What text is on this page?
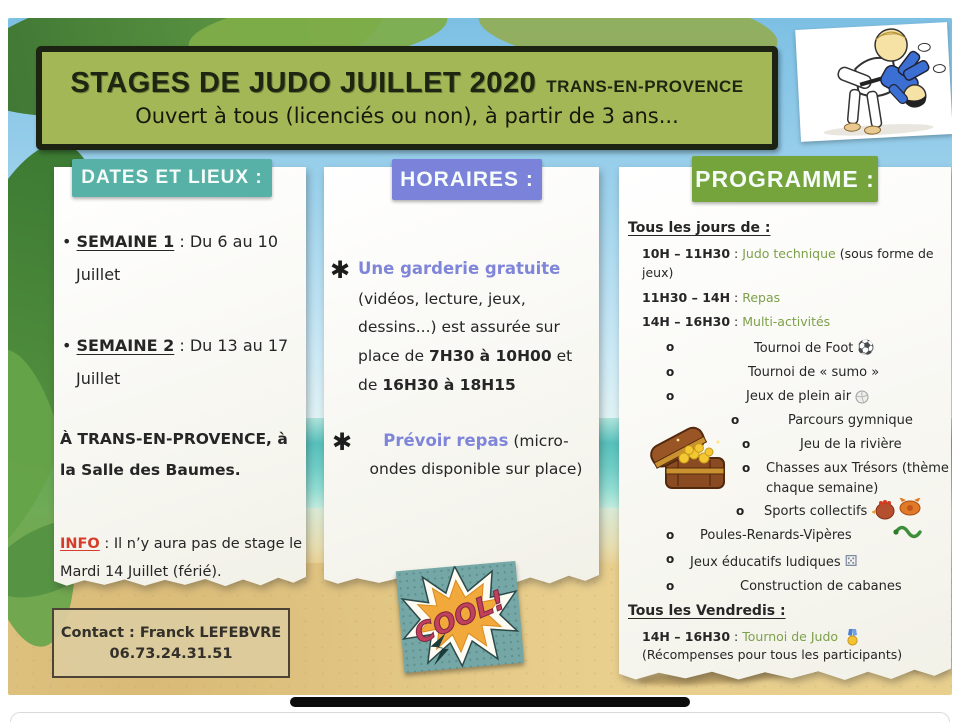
STAGES DE JUDO JUILLET 2020 TRANS-EN-PROVENCE
Ouvert à tous (licenciés ou non), à partir de 3 ans...
DATES ET LIEUX :

• SEMAINE 1 : Du 6 au 10 Juillet

• SEMAINE 2 : Du 13 au 17 Juillet

À TRANS-EN-PROVENCE, à la Salle des Baumes.

INFO : Il n’y aura pas de stage le Mardi 14 Juillet (férié).

Contact : Franck LEFEBVRE

06.73.24.31.51

HORAIRES :
✱ Une garderie gratuite (vidéos, lecture, jeux, dessins...) est assurée sur place de 7H30 à 10H00 et de 16H30 à 18H15

✱	Prévoir repas (micro-ondes disponible sur place)

COOL!
PROGRAMME :

Tous les jours de :

10H – 11H30 : Judo technique (sous forme de jeux)

11H30 – 14H : Repas

14H – 16H30 : Multi-activités

o	Tournoi de Foot ⚽

o	Tournoi de « sumo »

o	Jeux de plein air

o	Parcours gymnique

o	Jeu de la rivière

o	Chasses aux Trésors (thème chaque semaine)

o	Sports collectifs

o	Poules-Renards-Vipères

o	Jeux éducatifs ludiques ⚄

o	Construction de cabanes

Tous les Vendredis :

14H – 16H30 : Tournoi de Judo  (Récompenses pour tous les participants)
